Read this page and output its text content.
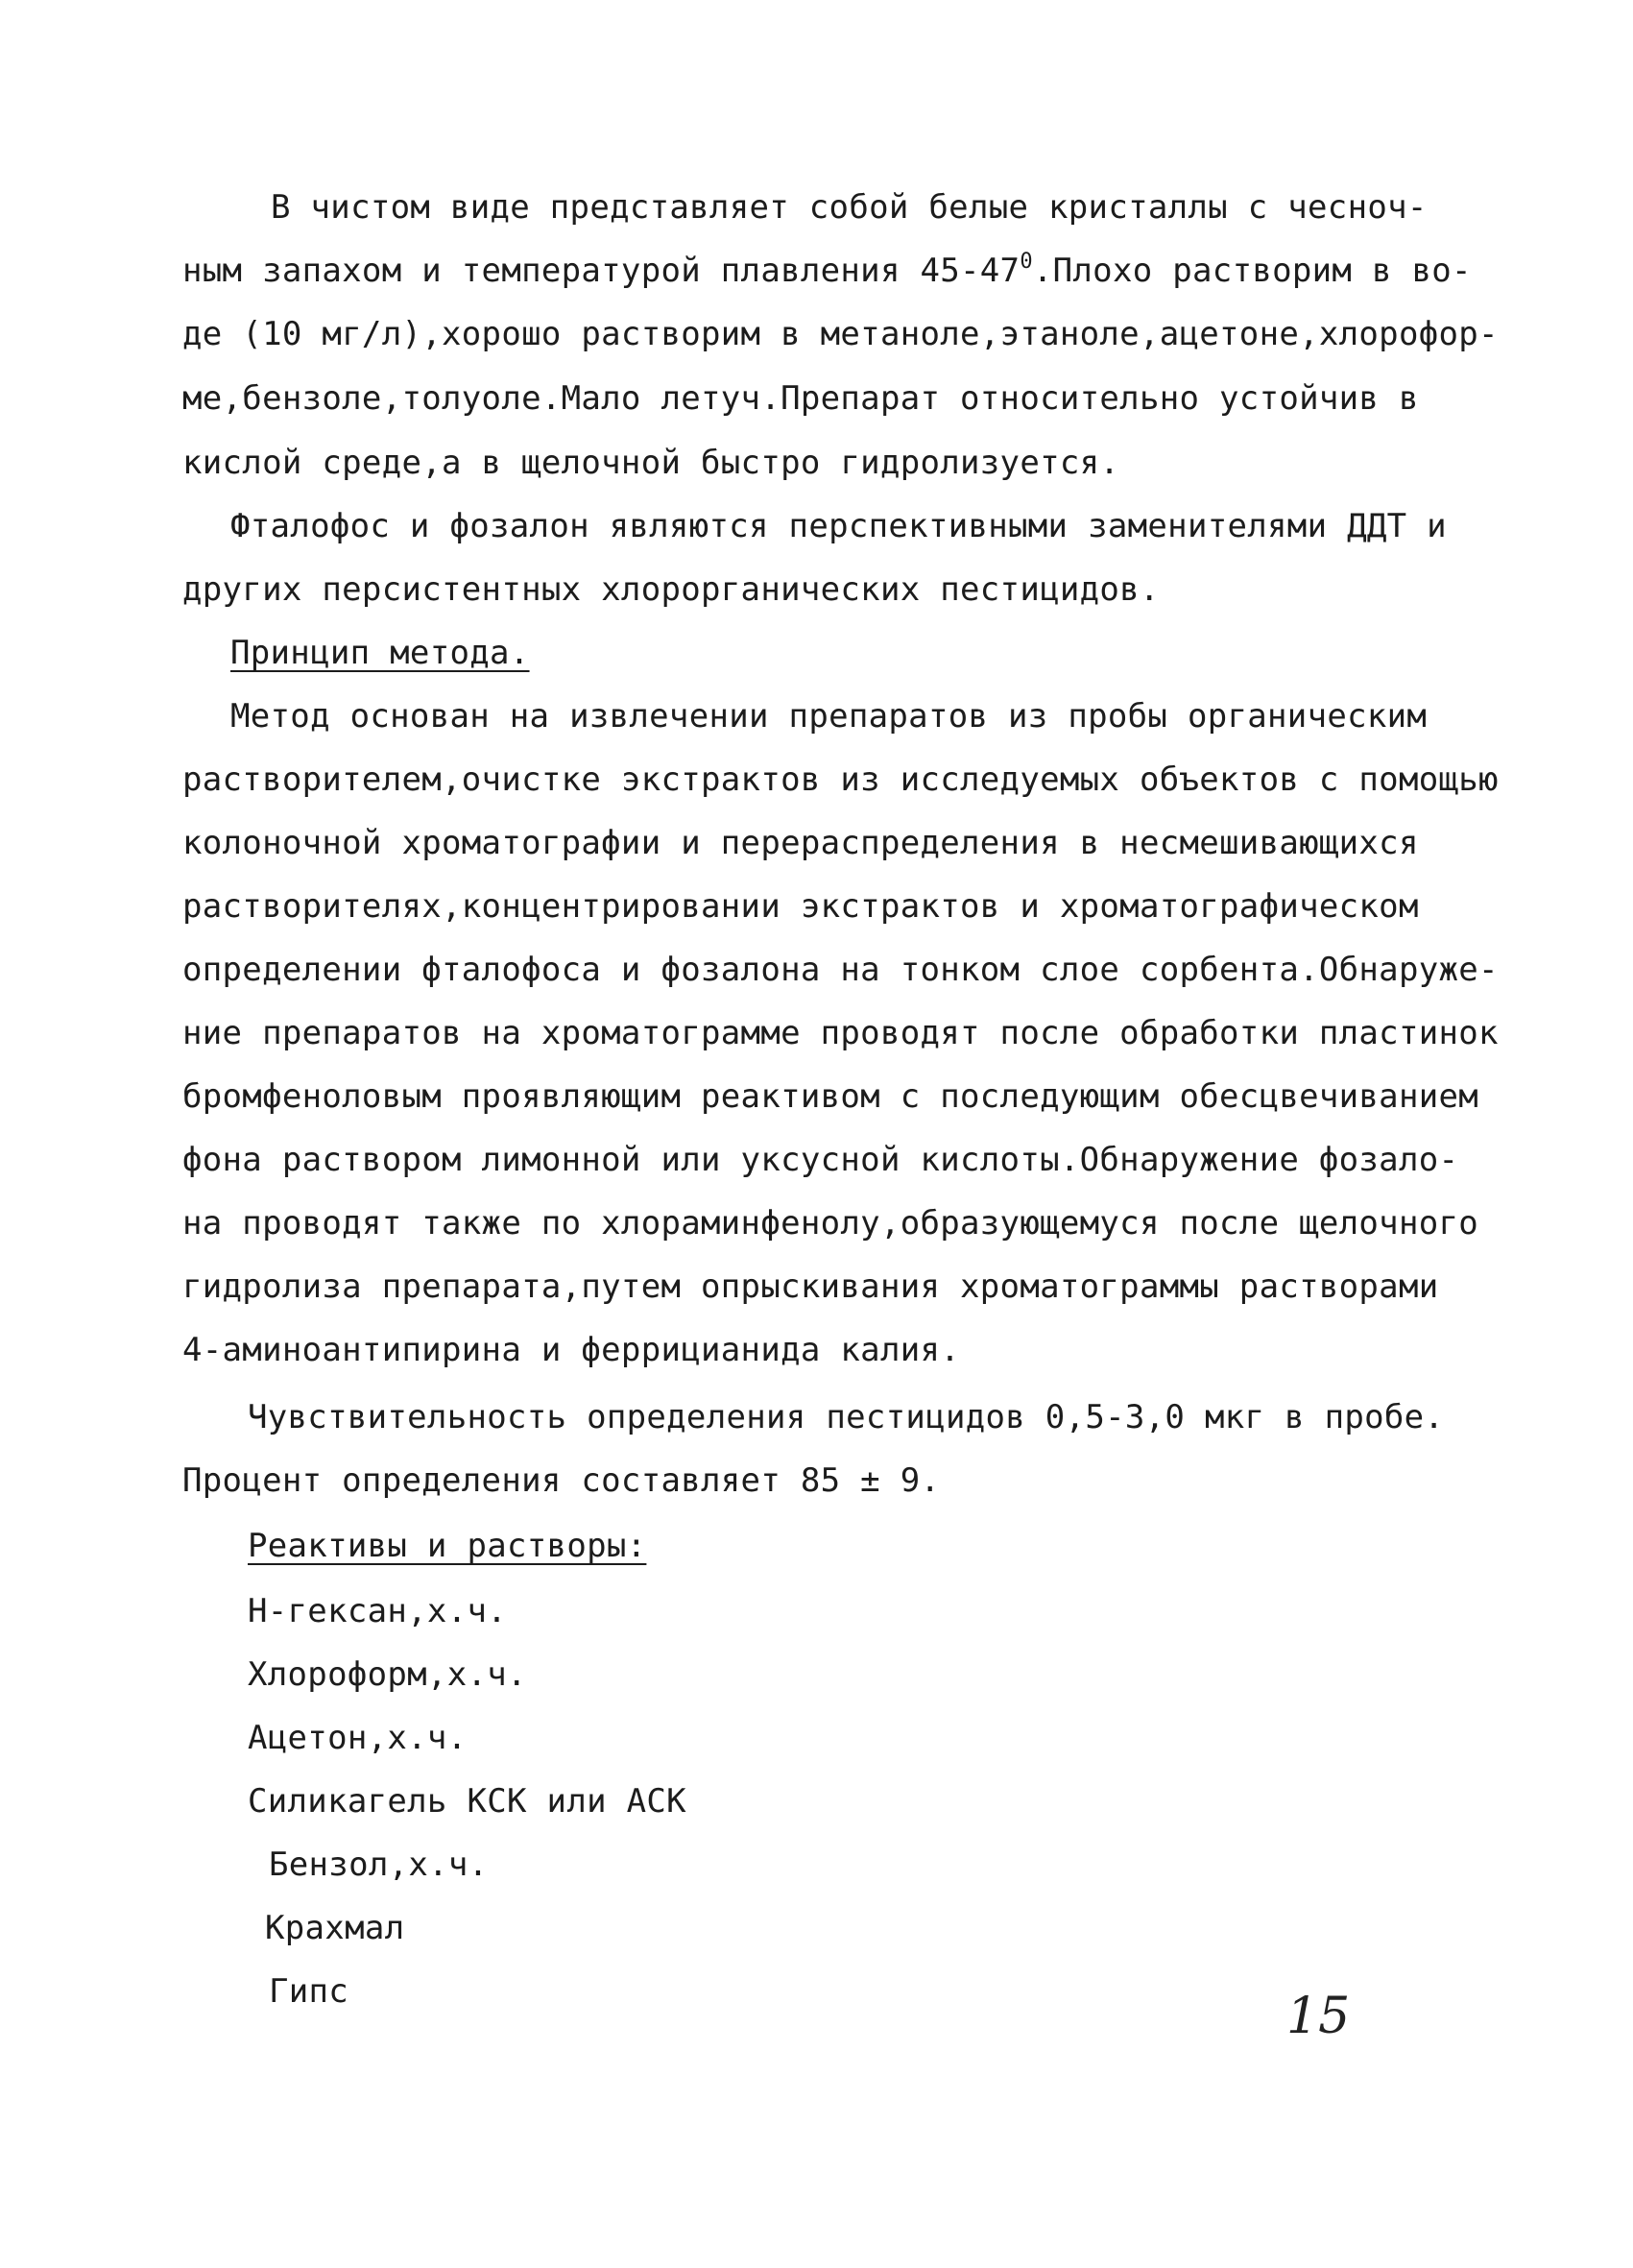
В чистом виде представляет собой белые кристаллы с чесноч-
ным запахом и температурой плавления $45-47^0.Плохо$ растворим в во-
де (10 мг/л),хорошо растворим в метаноле,этаноле,ацетоне,хлорофор-
ме,бензоле,толуоле.Мало летуч.Препарат относительно устойчив в
кислой среде,а в щелочной быстро гидролизуется.
Фталофос и фозалон являются перспективными заменителями ДДТ и
других персистентных хлорорганических пестицидов.
Принцип метода.
Метод основан на извлечении препаратов из пробы органическим
растворителем,очистке экстрактов из исследуемых объектов с помощью
колоночной хроматографии и перераспределения в несмешивающихся
растворителях,концентрировании экстрактов и хроматографическом
определении фталофоса и фозалона на тонком слое сорбента.Обнаруже-
ние препаратов на хроматограмме проводят после обработки пластинок
бромфеноловым проявляющим реактивом с последующим обесцвечиванием
фона раствором лимонной или уксусной кислоты.Обнаружение фозало-
на проводят также по хлораминфенолу,образующемуся после щелочного
гидролиза препарата,путем опрыскивания хроматограммы растворами
4-аминоантипирина и феррицианида калия.
Чувствительность определения пестицидов 0,5-3,0 мкг в пробе.
Процент определения составляет 85 ± 9.
Реактивы и растворы:
Н-гексан,х.ч.
Хлороформ,х.ч.
Ацетон,х.ч.
Силикагель КСК или АСК
Бензол,х.ч.
Крахмал
Гипс	15
